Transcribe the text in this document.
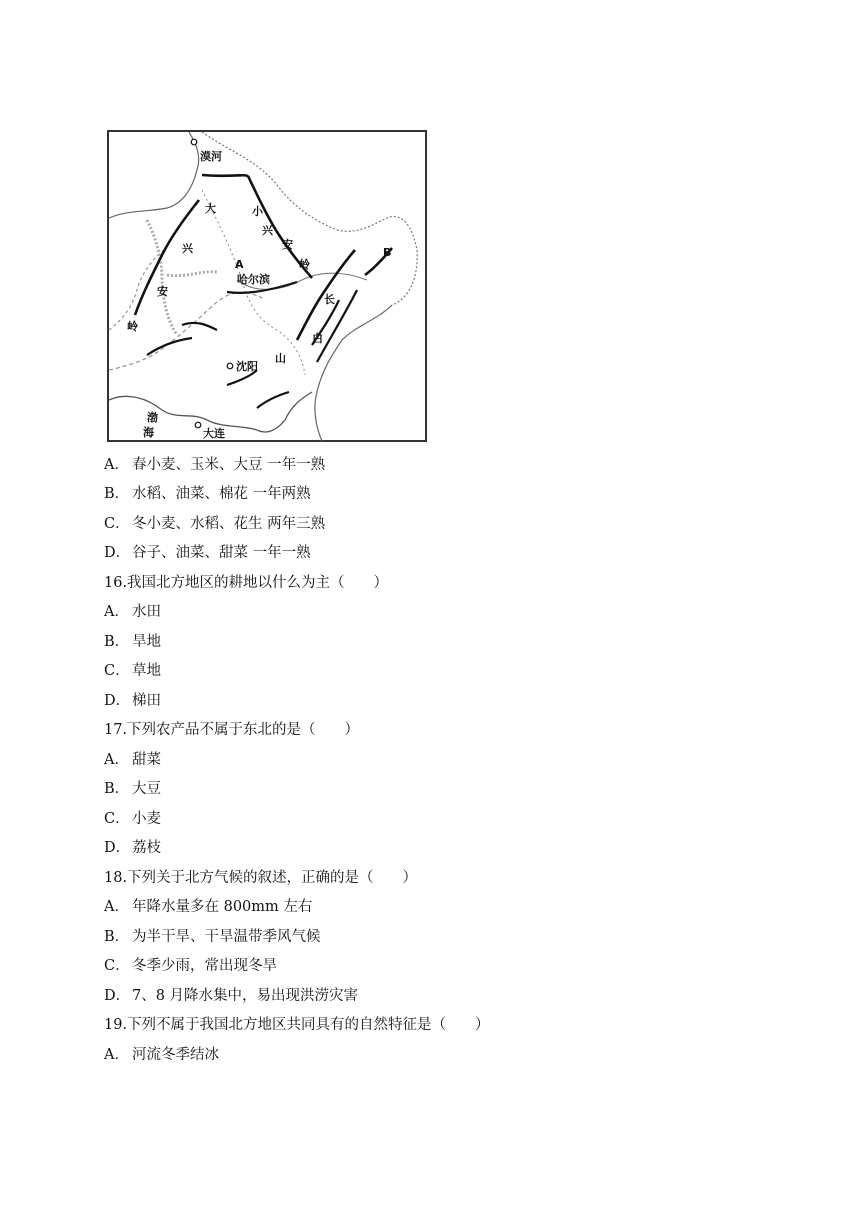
漠河
大
兴
安
岭
小
兴
安
岭
A
B
哈尔滨
长
白
山
沈阳
渤
海	大连
A． 春小麦、玉米、大豆 一年一熟
B． 水稻、油菜、棉花 一年两熟
C． 冬小麦、水稻、花生 两年三熟
D． 谷子、油菜、甜菜 一年一熟
16.我国北方地区的耕地以什么为主（　　）
A． 水田
B． 旱地
C． 草地
D． 梯田
17.下列农产品不属于东北的是（　　）
A． 甜菜
B． 大豆
C． 小麦
D． 荔枝
18.下列关于北方气候的叙述，正确的是（　　）
A． 年降水量多在 800mm 左右
B． 为半干旱、干旱温带季风气候
C． 冬季少雨，常出现冬旱
D． 7、8 月降水集中，易出现洪涝灾害
19.下列不属于我国北方地区共同具有的自然特征是（　　）
A． 河流冬季结冰
